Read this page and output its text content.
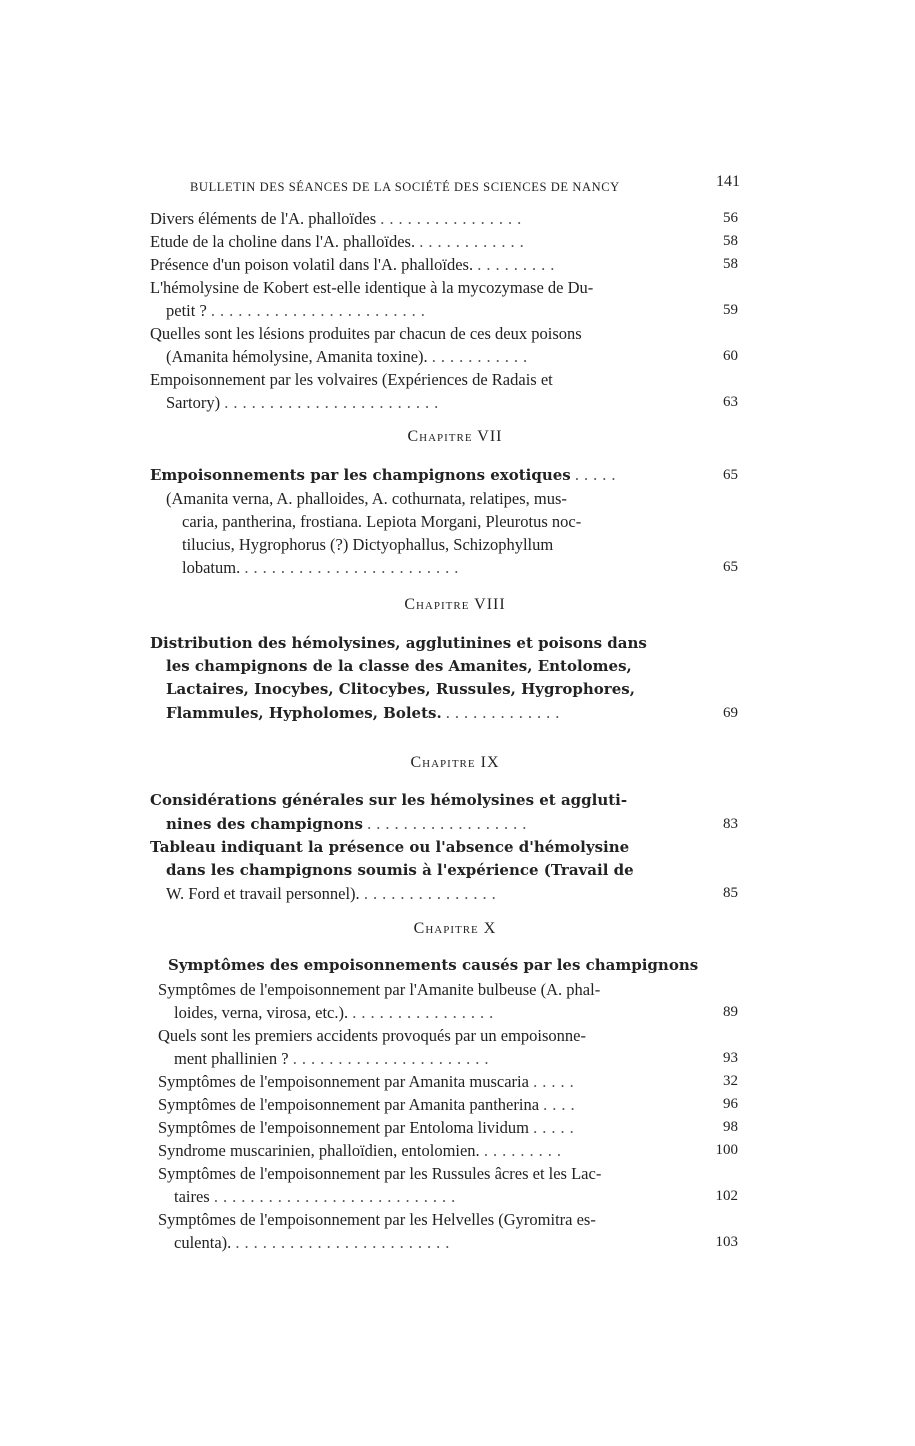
BULLETIN DES SÉANCES DE LA SOCIÉTÉ DES SCIENCES DE NANCY	141
Divers éléments de l'A. phalloïdes ................	56
Etude de la choline dans l'A. phalloïdes. ............	58
Présence d'un poison volatil dans l'A. phalloïdes. .........	58
L'hémolysine de Kobert est-elle identique à la mycozymase de Du-
petit ? ........................	59
Quelles sont les lésions produites par chacun de ces deux poisons
(Amanita hémolysine, Amanita toxine). ...........	60
Empoisonnement par les volvaires (Expériences de Radais et
Sartory) ........................	63
Chapitre VII
Empoisonnements par les champignons exotiques .....	65
(Amanita verna, A. phalloides, A. cothurnata, relatipes, mus-
caria, pantherina, frostiana. Lepiota Morgani, Pleurotus noc-
tilucius, Hygrophorus (?) Dictyophallus, Schizophyllum
lobatum. ........................	65
Chapitre VIII
Distribution des hémolysines, agglutinines et poisons dans
les champignons de la classe des Amanites, Entolomes,
Lactaires, Inocybes, Clitocybes, Russules, Hygrophores,
Flammules, Hypholomes, Bolets. .............	69
Chapitre IX
Considérations générales sur les hémolysines et aggluti-
nines des champignons ..................	83
Tableau indiquant la présence ou l'absence d'hémolysine
dans les champignons soumis à l'expérience (Travail de
W. Ford et travail personnel). ...............	85
Chapitre X
Symptômes des empoisonnements causés par les champignons
Symptômes de l'empoisonnement par l'Amanite bulbeuse (A. phal-
loides, verna, virosa, etc.). ................	89
Quels sont les premiers accidents provoqués par un empoisonne-
ment phallinien ? ......................	93
Symptômes de l'empoisonnement par Amanita muscaria .....	32
Symptômes de l'empoisonnement par Amanita pantherina ....	96
Symptômes de l'empoisonnement par Entoloma lividum .....	98
Syndrome muscarinien, phalloïdien, entolomien. .........	100
Symptômes de l'empoisonnement par les Russules âcres et les Lac-
taires ...........................	102
Symptômes de l'empoisonnement par les Helvelles (Gyromitra es-
culenta). ........................	103
